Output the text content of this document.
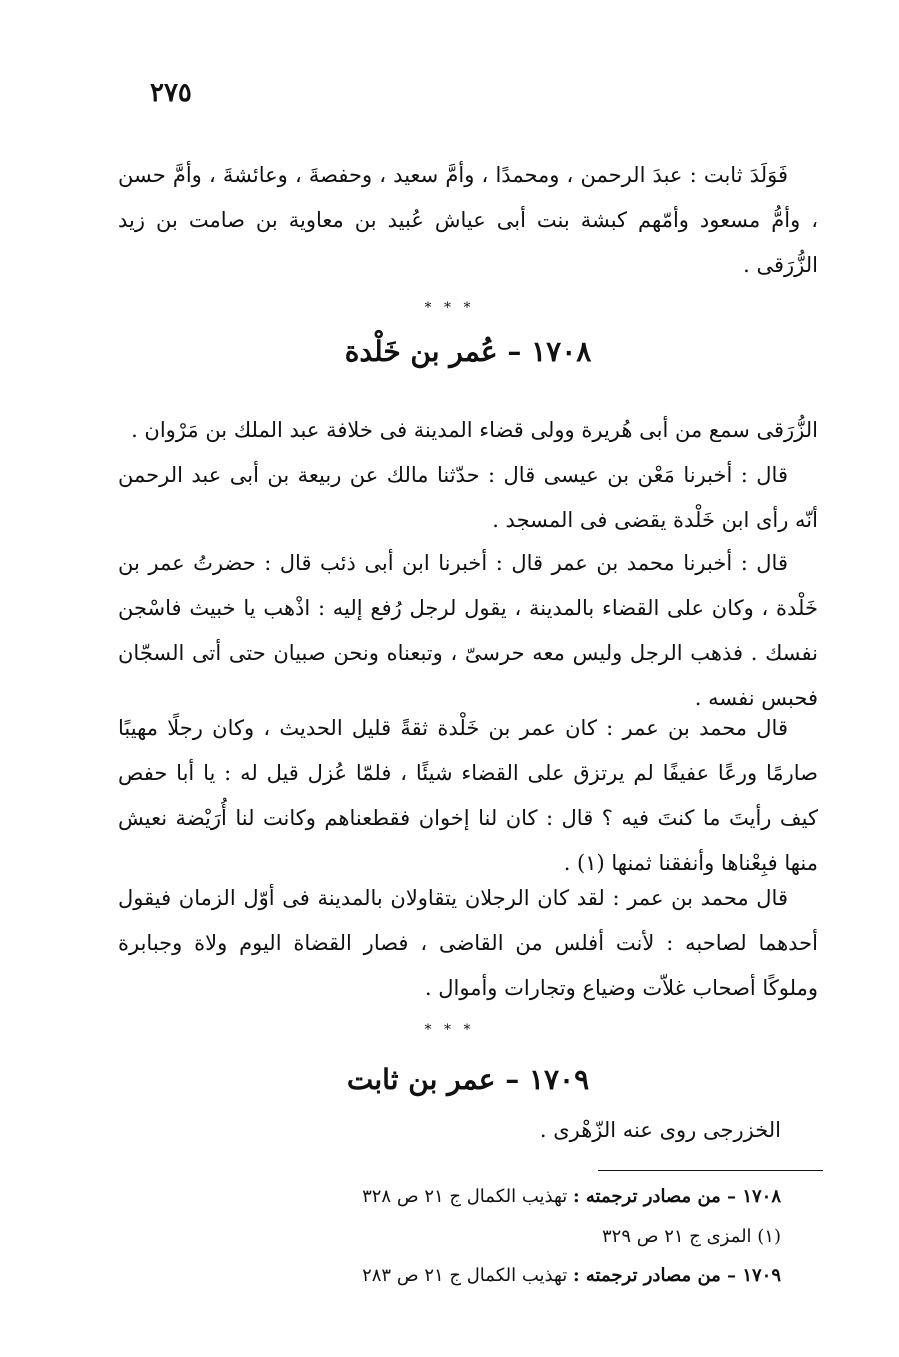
٢٧٥

فَوَلَدَ ثابت : عبدَ الرحمن ، ومحمدًا ، وأمَّ سعيد ، وحفصةَ ، وعائشةَ ، وأمَّ حسن ، وأمُّ مسعود وأمّهم كبشة بنت أبى عياش عُبيد بن معاوية بن صامت بن زيد الزُّرَقى .

* * *
١٧٠٨ – عُمر بن خَلْدة

الزُّرَقى سمع من أبى هُريرة وولى قضاء المدينة فى خلافة عبد الملك بن مَرْوان .

قال : أخبرنا مَعْن بن عيسى قال : حدّثنا مالك عن ربيعة بن أبى عبد الرحمن أنّه رأى ابن خَلْدة يقضى فى المسجد .

قال : أخبرنا محمد بن عمر قال : أخبرنا ابن أبى ذئب قال : حضرتُ عمر بن خَلْدة ، وكان على القضاء بالمدينة ، يقول لرجل رُفع إليه : اذْهب يا خبيث فاسْجن نفسك . فذهب الرجل وليس معه حرسىّ ، وتبعناه ونحن صبيان حتى أتى السجّان فحبس نفسه .

قال محمد بن عمر : كان عمر بن خَلْدة ثقةً قليل الحديث ، وكان رجلًا مهيبًا صارمًا ورعًا عفيفًا لم يرتزق على القضاء شيئًا ، فلمّا عُزل قيل له : يا أبا حفص كيف رأيتَ ما كنتَ فيه ؟ قال : كان لنا إخوان فقطعناهم وكانت لنا أُرَيْضة نعيش منها فبِعْناها وأنفقنا ثمنها (١) .

قال محمد بن عمر : لقد كان الرجلان يتقاولان بالمدينة فى أوّل الزمان فيقول أحدهما لصاحبه : لأنت أفلس من القاضى ، فصار القضاة اليوم ولاة وجبابرة وملوكًا أصحاب غلاّت وضياع وتجارات وأموال .

* * *
١٧٠٩ – عمر بن ثابت
الخزرجى روى عنه الزّهْرى .
١٧٠٨ – من مصادر ترجمته : تهذيب الكمال ج ٢١ ص ٣٢٨
(١) المزى ج ٢١ ص ٣٢٩
١٧٠٩ – من مصادر ترجمته : تهذيب الكمال ج ٢١ ص ٢٨٣
